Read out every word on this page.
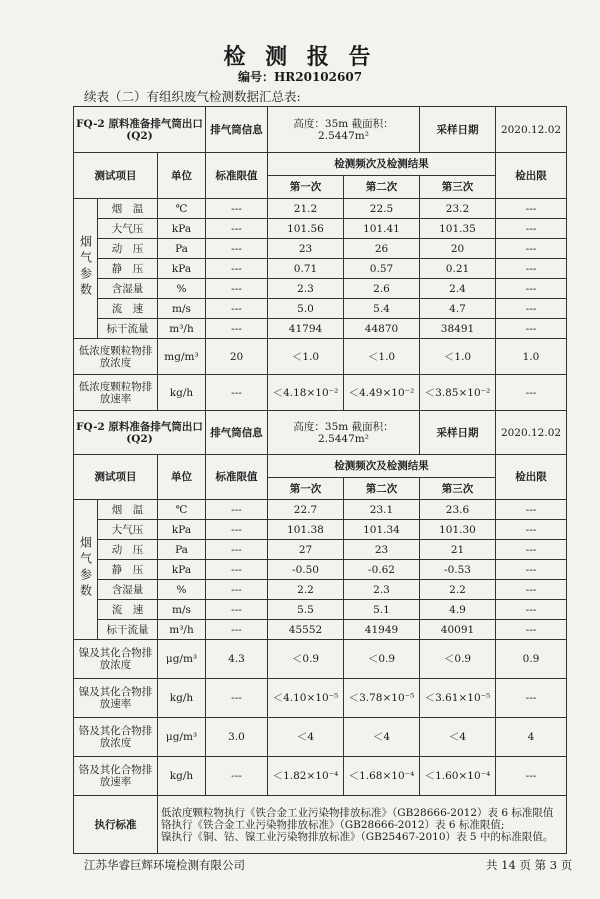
检 测 报 告
编号：HR20102607
续表（二）有组织废气检测数据汇总表:
FQ-2 原料准备排气筒出口(Q2)			排气筒信息	高度：35m 截面积：2.5447m²		采样日期	2020.12.02
测试项目		单位	标准限值	检测频次及检测结果			检出限
				第一次	第二次	第三次	
烟气参数	烟　温	℃	---	21.2	22.5	23.2	---
	大气压	kPa	---	101.56	101.41	101.35	---
	动　压	Pa	---	23	26	20	---
	静　压	kPa	---	0.71	0.57	0.21	---
	含湿量	%	---	2.3	2.6	2.4	---
	流　速	m/s	---	5.0	5.4	4.7	---
	标干流量	m³/h	---	41794	44870	38491	---
低浓度颗粒物排放浓度		mg/m³	20	＜1.0	＜1.0	＜1.0	1.0
低浓度颗粒物排放速率		kg/h	---	＜4.18×10⁻²	＜4.49×10⁻²	＜3.85×10⁻²	---
FQ-2 原料准备排气筒出口(Q2)			排气筒信息	高度：35m 截面积：2.5447m²		采样日期	2020.12.02
测试项目		单位	标准限值	检测频次及检测结果			检出限
				第一次	第二次	第三次	
烟气参数	烟　温	℃	---	22.7	23.1	23.6	---
	大气压	kPa	---	101.38	101.34	101.30	---
	动　压	Pa	---	27	23	21	---
	静　压	kPa	---	-0.50	-0.62	-0.53	---
	含湿量	%	---	2.2	2.3	2.2	---
	流　速	m/s	---	5.5	5.1	4.9	---
	标干流量	m³/h	---	45552	41949	40091	---
镍及其化合物排放浓度		μg/m³	4.3	＜0.9	＜0.9	＜0.9	0.9
镍及其化合物排放速率		kg/h	---	＜4.10×10⁻⁵	＜3.78×10⁻⁵	＜3.61×10⁻⁵	---
铬及其化合物排放浓度		μg/m³	3.0	＜4	＜4	＜4	4
铬及其化合物排放速率		kg/h	---	＜1.82×10⁻⁴	＜1.68×10⁻⁴	＜1.60×10⁻⁴	---
执行标准		低浓度颗粒物执行《铁合金工业污染物排放标准》（GB28666-2012）表 6 标准限值
铬执行《铁合金工业污染物排放标准》（GB28666-2012）表 6 标准限值;
镍执行《铜、钴、镍工业污染物排放标准》（GB25467-2010）表 5 中的标准限值。					
江苏华睿巨辉环境检测有限公司	共 14 页 第 3 页
